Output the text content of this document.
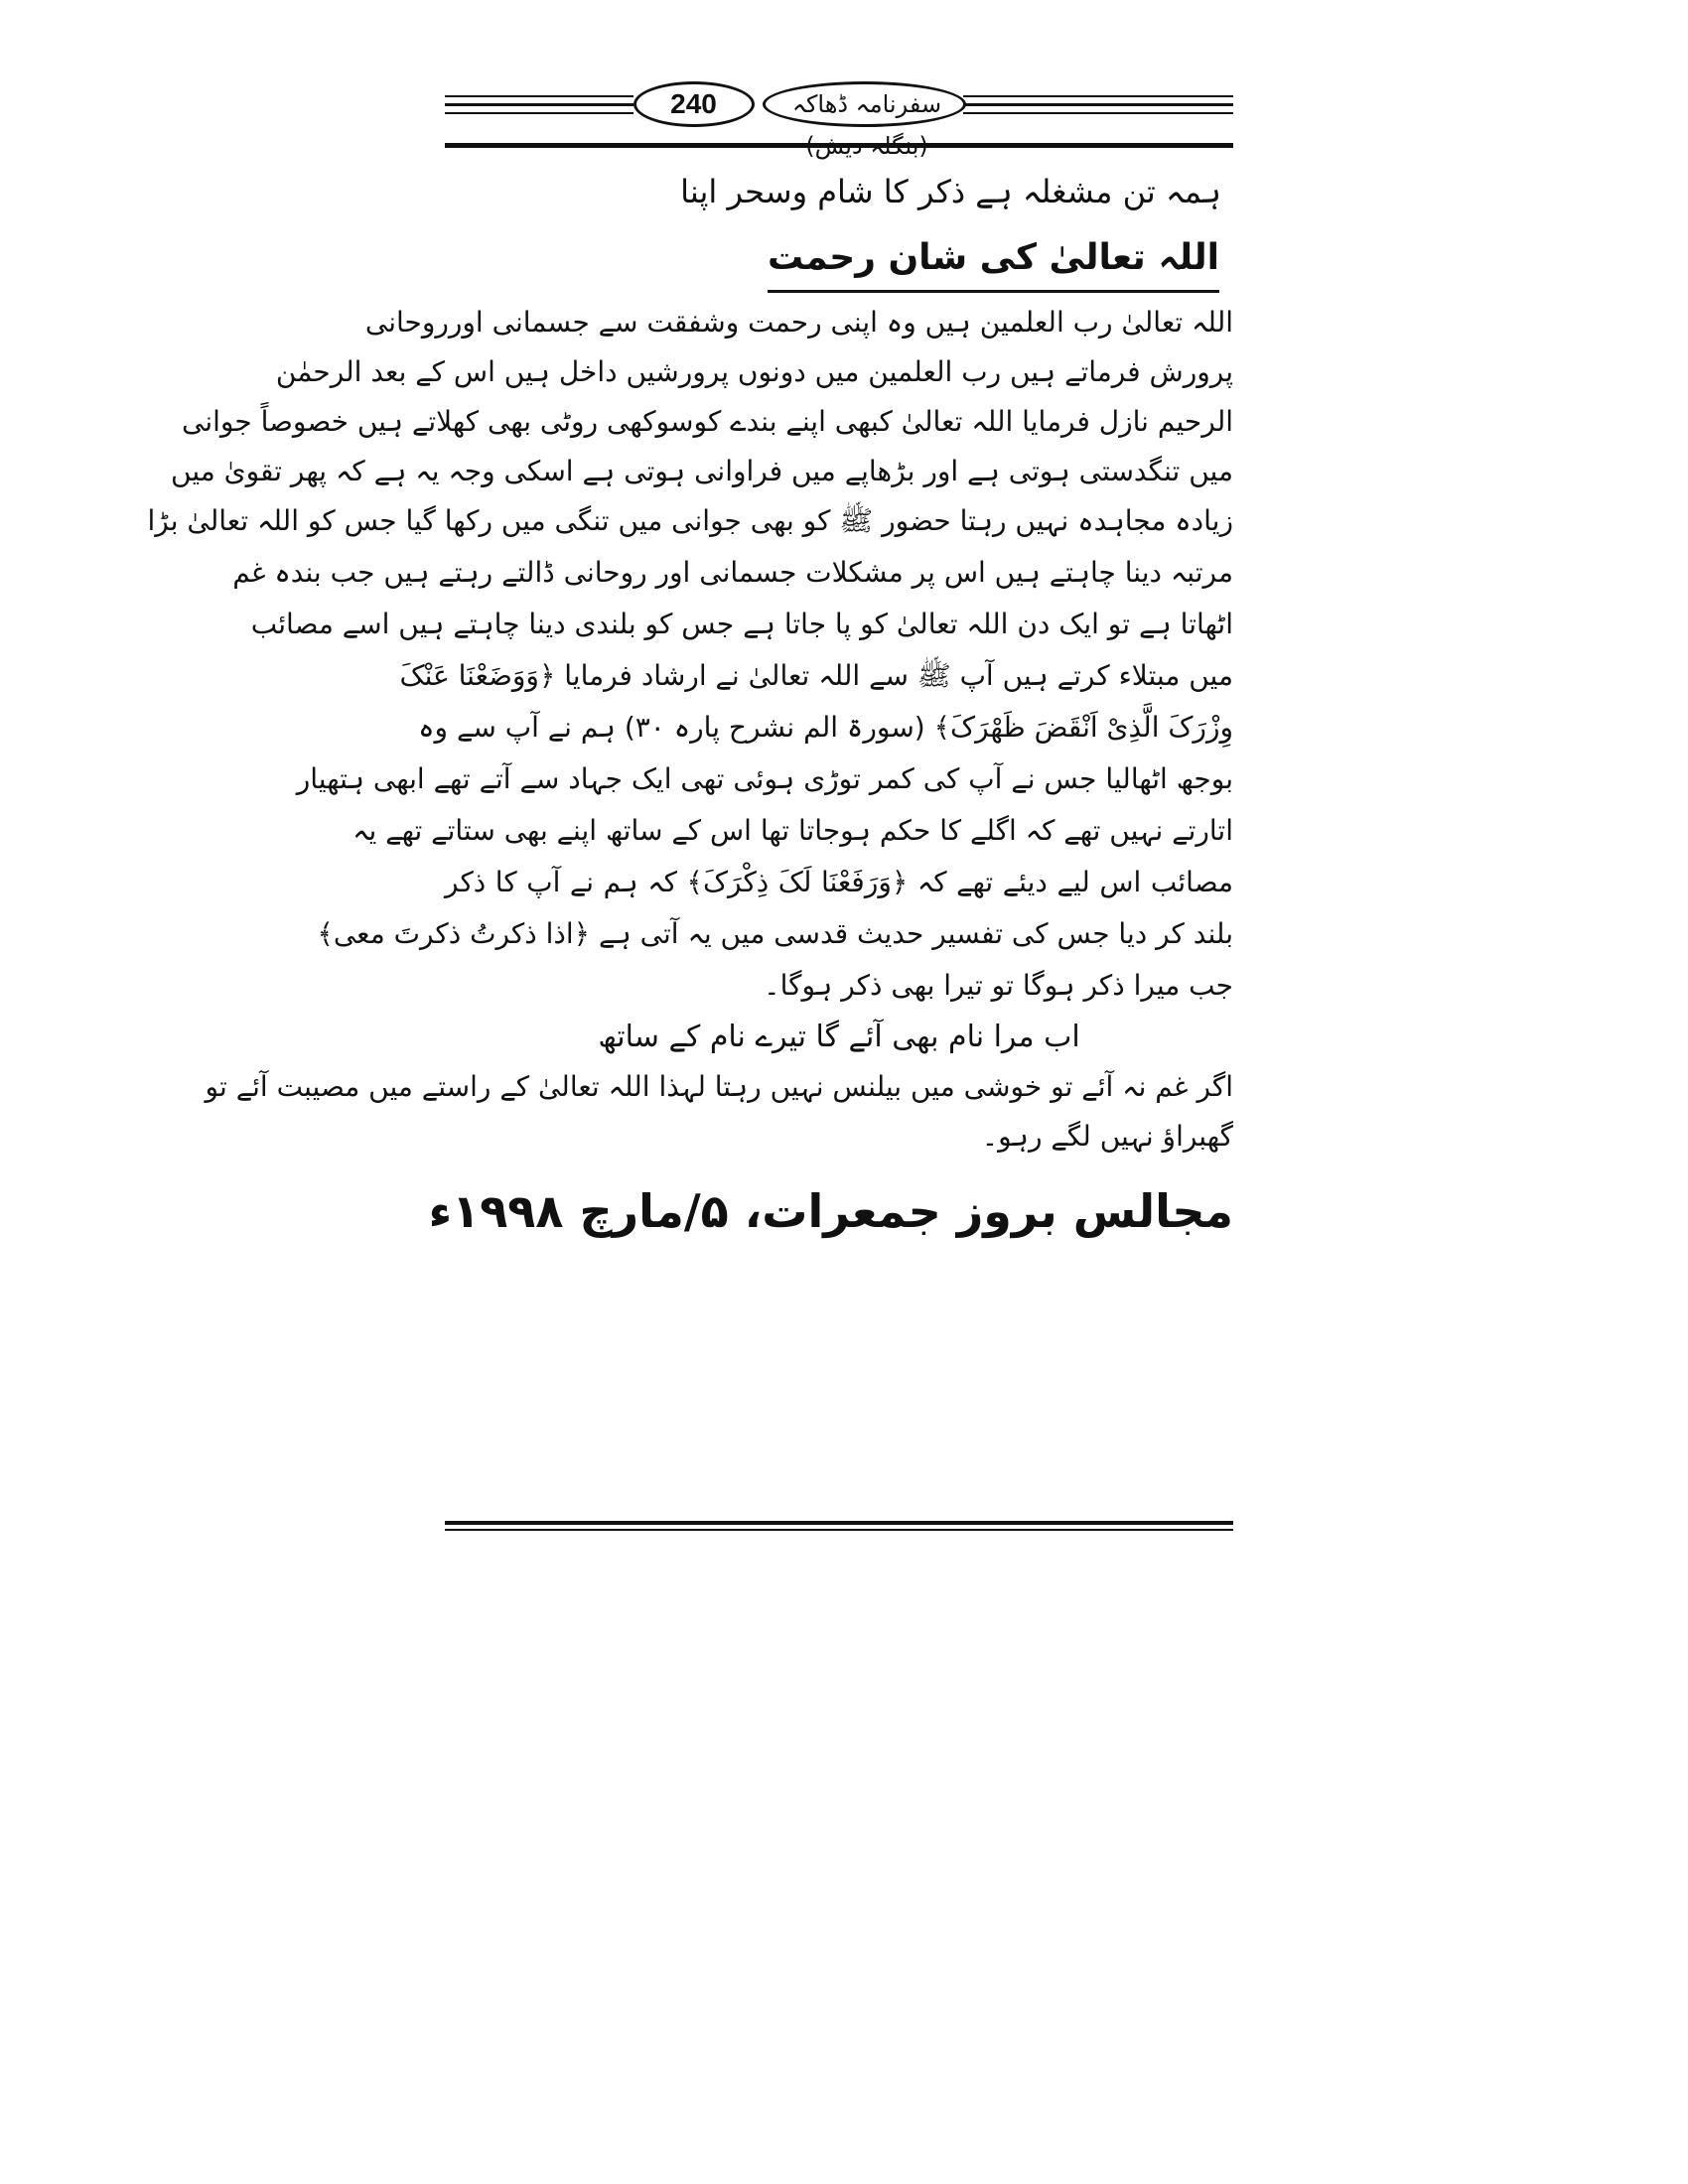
240	سفرنامہ ڈھاکہ
ہمہ تن مشغلہ ہے ذکر کا شام وسحر اپنا
اللہ تعالیٰ کی شان رحمت
اللہ تعالیٰ رب العلمین ہیں وہ اپنی رحمت وشفقت سے جسمانی اورروحانی
پرورش فرماتے ہیں رب العلمین میں دونوں پرورشیں داخل ہیں اس کے بعد الرحمٰن
الرحیم نازل فرمایا اللہ تعالیٰ کبھی اپنے بندے کوسوکھی روٹی بھی کھلاتے ہیں خصوصاً جوانی
میں تنگدستی ہوتی ہے اور بڑھاپے میں فراوانی ہوتی ہے اسکی وجہ یہ ہے کہ پھر تقویٰ میں
زیادہ مجاہدہ نہیں رہتا حضور ﷺ کو بھی جوانی میں تنگی میں رکھا گیا جس کو اللہ تعالیٰ بڑا
مرتبہ دینا چاہتے ہیں اس پر مشکلات جسمانی اور روحانی ڈالتے رہتے ہیں جب بندہ غم
اٹھاتا ہے تو ایک دن اللہ تعالیٰ کو پا جاتا ہے جس کو بلندی دینا چاہتے ہیں اسے مصائب
میں مبتلاء کرتے ہیں آپ ﷺ سے اللہ تعالیٰ نے ارشاد فرمایا ﴿وَوَضَعْنَا عَنْکَ
وِزْرَکَ الَّذِیْ اَنْقَضَ ظَھْرَکَ﴾ (سورۃ الم نشرح پارہ ۳۰) ہم نے آپ سے وہ
بوجھ اٹھالیا جس نے آپ کی کمر توڑی ہوئی تھی ایک جہاد سے آتے تھے ابھی ہتھیار
اتارتے نہیں تھے کہ اگلے کا حکم ہوجاتا تھا اس کے ساتھ اپنے بھی ستاتے تھے یہ
مصائب اس لیے دیئے تھے کہ ﴿وَرَفَعْنَا لَکَ ذِکْرَکَ﴾ کہ ہم نے آپ کا ذکر
بلند کر دیا جس کی تفسیر حدیث قدسی میں یہ آتی ہے ﴿اذا ذکرتُ ذکرتَ معی﴾
جب میرا ذکر ہوگا تو تیرا بھی ذکر ہوگا۔
اب مرا نام بھی آئے گا تیرے نام کے ساتھ
اگر غم نہ آئے تو خوشی میں بیلنس نہیں رہتا لہذا اللہ تعالیٰ کے راستے میں مصیبت آئے تو
گھبراؤ نہیں لگے رہو۔
مجالس بروز جمعرات، ۵/مارچ ۱۹۹۸ء
